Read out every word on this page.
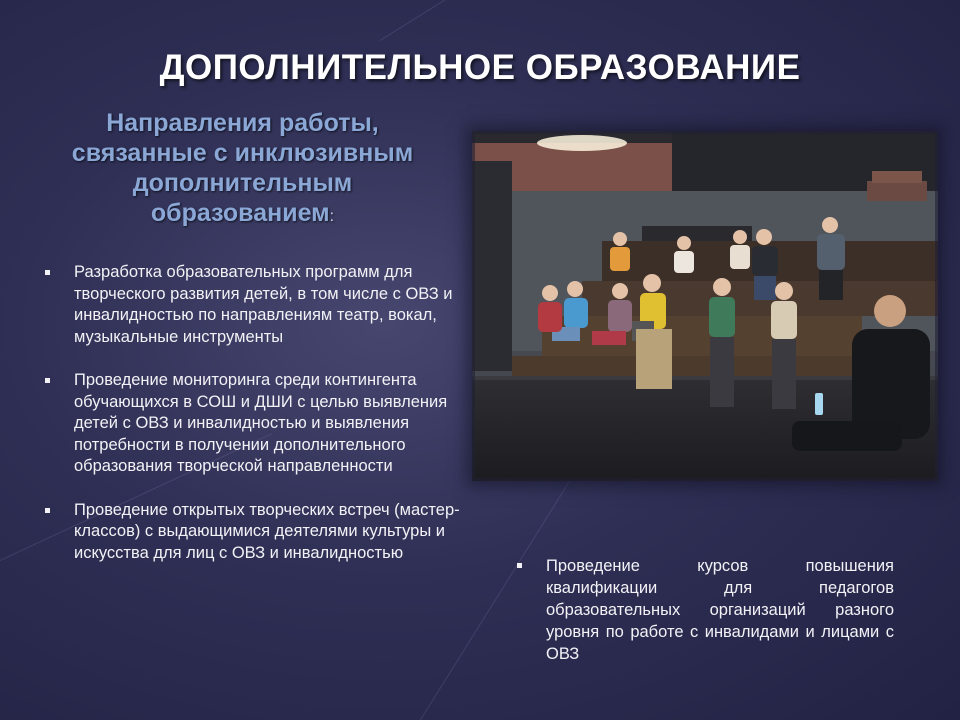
ДОПОЛНИТЕЛЬНОЕ ОБРАЗОВАНИЕ
Направления работы,
связанные с инклюзивным
дополнительным
образованием:
Разработка образовательных программ для творческого развития детей, в том числе с ОВЗ и инвалидностью по направлениям театр, вокал, музыкальные инструменты
Проведение мониторинга среди контингента обучающихся в СОШ и ДШИ с целью выявления детей с ОВЗ и инвалидностью и выявления потребности в получении дополнительного образования творческой направленности
Проведение открытых творческих встреч (мастер-классов) с выдающимися деятелями культуры и искусства для лиц с ОВЗ и инвалидностью
Проведение курсов повышения квалификации для педагогов образовательных организаций разного уровня по работе с инвалидами и лицами с ОВЗ
